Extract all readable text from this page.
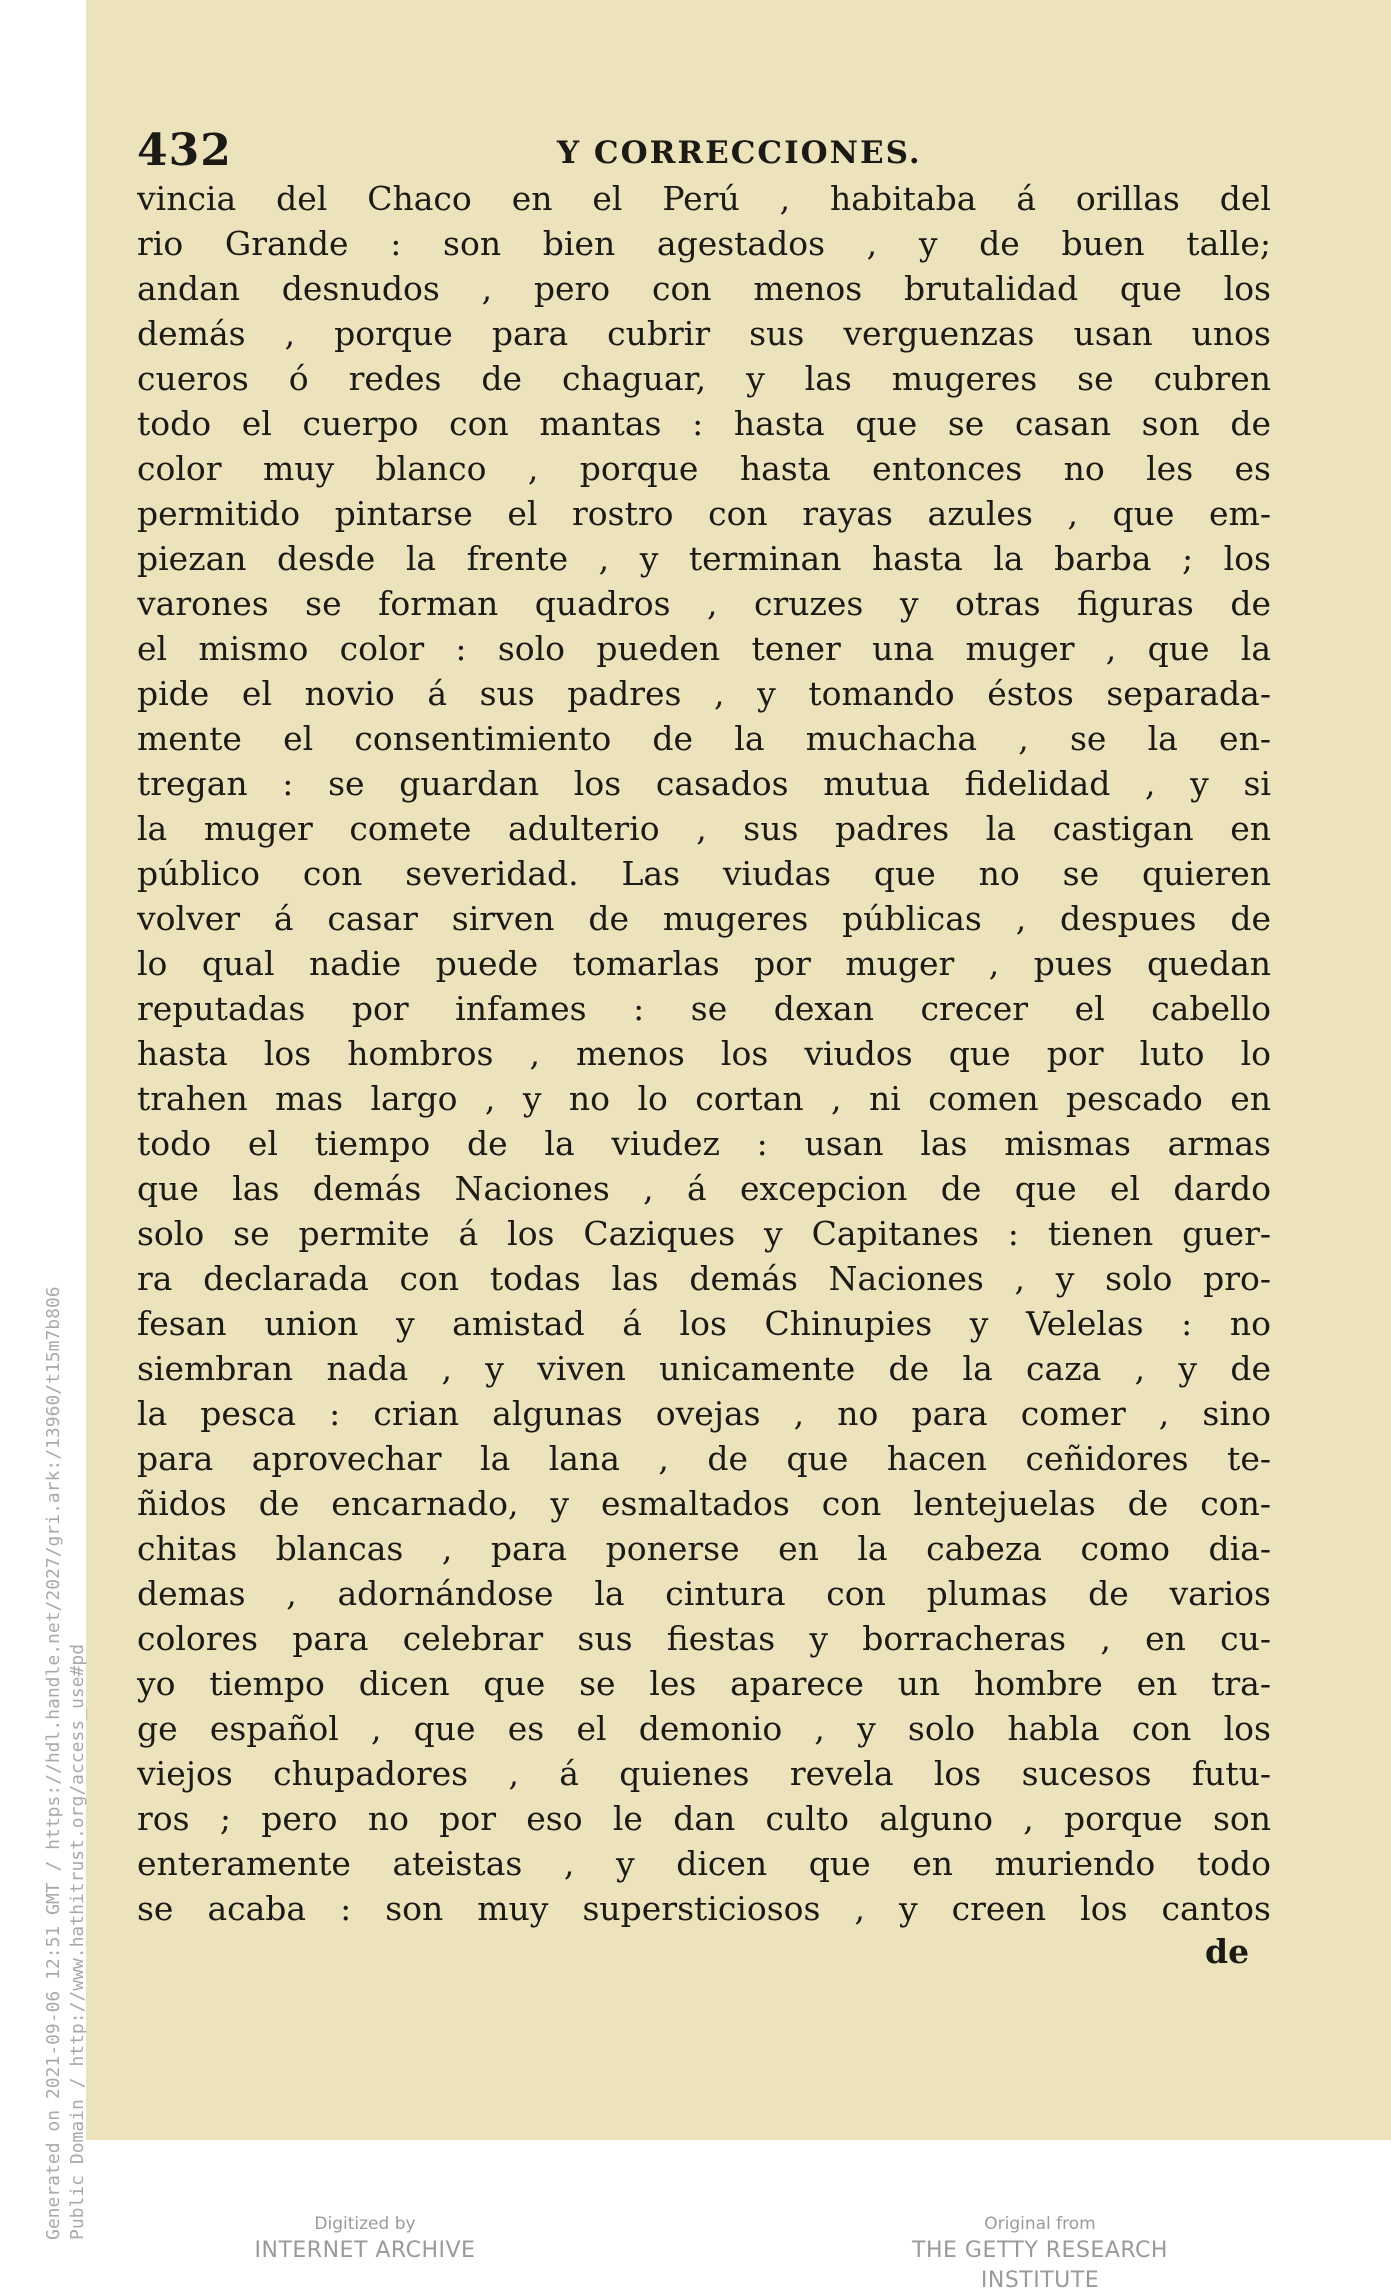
432	Y CORRECCIONES.
vincia del Chaco en el Perú , habitaba á orillas del
rio Grande : son bien agestados , y de buen talle;
andan desnudos , pero con menos brutalidad que los
demás , porque para cubrir sus verguenzas usan unos
cueros ó redes de chaguar, y las mugeres se cubren
todo el cuerpo con mantas : hasta que se casan son de
color muy blanco , porque hasta entonces no les es
permitido pintarse el rostro con rayas azules , que em-
piezan desde la frente , y terminan hasta la barba ; los
varones se forman quadros , cruzes y otras figuras de
el mismo color : solo pueden tener una muger , que la
pide el novio á sus padres , y tomando éstos separada-
mente el consentimiento de la muchacha , se la en-
tregan : se guardan los casados mutua fidelidad , y si
la muger comete adulterio , sus padres la castigan en
público con severidad. Las viudas que no se quieren
volver á casar sirven de mugeres públicas , despues de
lo qual nadie puede tomarlas por muger , pues quedan
reputadas por infames : se dexan crecer el cabello
hasta los hombros , menos los viudos que por luto lo
trahen mas largo , y no lo cortan , ni comen pescado en
todo el tiempo de la viudez : usan las mismas armas
que las demás Naciones , á excepcion de que el dardo
solo se permite á los Caziques y Capitanes : tienen guer-
ra declarada con todas las demás Naciones , y solo pro-
fesan union y amistad á los Chinupies y Velelas : no
siembran nada , y viven unicamente de la caza , y de
la pesca : crian algunas ovejas , no para comer , sino
para aprovechar la lana , de que hacen ceñidores te-
ñidos de encarnado, y esmaltados con lentejuelas de con-
chitas blancas , para ponerse en la cabeza como dia-
demas , adornándose la cintura con plumas de varios
colores para celebrar sus fiestas y borracheras , en cu-
yo tiempo dicen que se les aparece un hombre en tra-
ge español , que es el demonio , y solo habla con los
viejos chupadores , á quienes revela los sucesos futu-
ros ; pero no por eso le dan culto alguno , porque son
enteramente ateistas , y dicen que en muriendo todo
se acaba : son muy supersticiosos , y creen los cantos
de
Generated on 2021-09-06 12:51 GMT / https://hdl.handle.net/2027/gri.ark:/13960/t15m7b806 Public Domain / http://www.hathitrust.org/access_use#pd	Digitized by
INTERNET ARCHIVE
Original from
THE GETTY RESEARCH INSTITUTE
